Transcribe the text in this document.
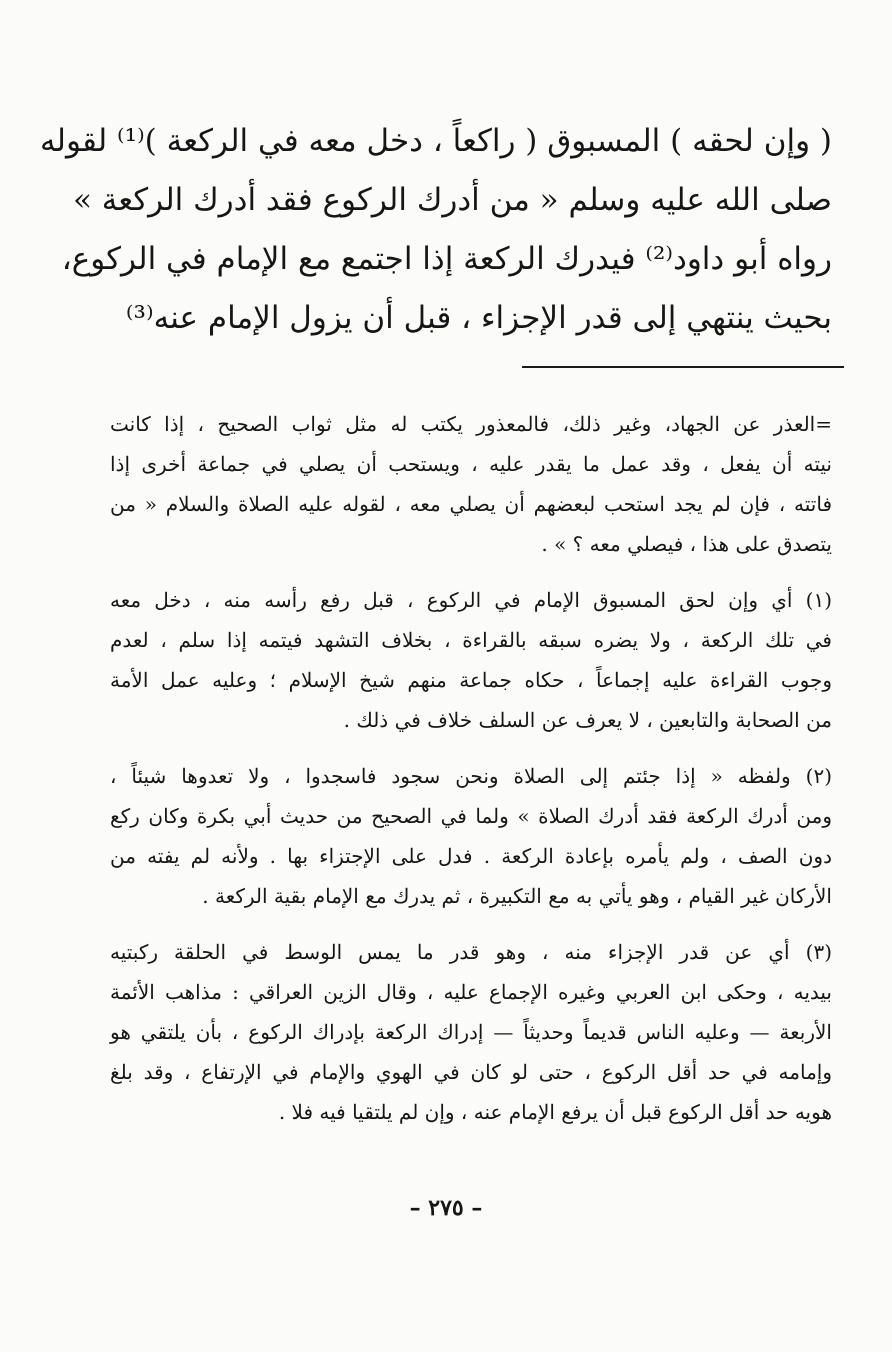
( وإن لحقه ) المسبوق ( راكعاً ، دخل معه في الركعة )⁽¹⁾ لقوله
صلى الله عليه وسلم « من أدرك الركوع فقد أدرك الركعة »
رواه أبو داود⁽²⁾ فيدرك الركعة إذا اجتمع مع الإمام في الركوع،
بحيث ينتهي إلى قدر الإجزاء ، قبل أن يزول الإمام عنه⁽³⁾
=العذر عن الجهاد، وغير ذلك، فالمعذور يكتب له مثل ثواب الصحيح ، إذا كانت
نيته أن يفعل ، وقد عمل ما يقدر عليه ، ويستحب أن يصلي في جماعة أخرى إذا
فاتته ، فإن لم يجد استحب لبعضهم أن يصلي معه ، لقوله عليه الصلاة والسلام « من
يتصدق على هذا ، فيصلي معه ؟ » .
(١) أي وإن لحق المسبوق الإمام في الركوع ، قبل رفع رأسه منه ، دخل معه
في تلك الركعة ، ولا يضره سبقه بالقراءة ، بخلاف التشهد فيتمه إذا سلم ، لعدم
وجوب القراءة عليه إجماعاً ، حكاه جماعة منهم شيخ الإسلام ؛ وعليه عمل الأمة
من الصحابة والتابعين ، لا يعرف عن السلف خلاف في ذلك .
(٢) ولفظه « إذا جئتم إلى الصلاة ونحن سجود فاسجدوا ، ولا تعدوها شيئاً ،
ومن أدرك الركعة فقد أدرك الصلاة » ولما في الصحيح من حديث أبي بكرة وكان ركع
دون الصف ، ولم يأمره بإعادة الركعة . فدل على الإجتزاء بها . ولأنه لم يفته من
الأركان غير القيام ، وهو يأتي به مع التكبيرة ، ثم يدرك مع الإمام بقية الركعة .
(٣) أي عن قدر الإجزاء منه ، وهو قدر ما يمس الوسط في الحلقة ركبتيه
بيديه ، وحكى ابن العربي وغيره الإجماع عليه ، وقال الزين العراقي : مذاهب الأئمة
الأربعة — وعليه الناس قديماً وحديثاً — إدراك الركعة بإدراك الركوع ، بأن يلتقي هو
وإمامه في حد أقل الركوع ، حتى لو كان في الهوي والإمام في الإرتفاع ، وقد بلغ
هويه حد أقل الركوع قبل أن يرفع الإمام عنه ، وإن لم يلتقيا فيه فلا .
– ٢٧٥ –
